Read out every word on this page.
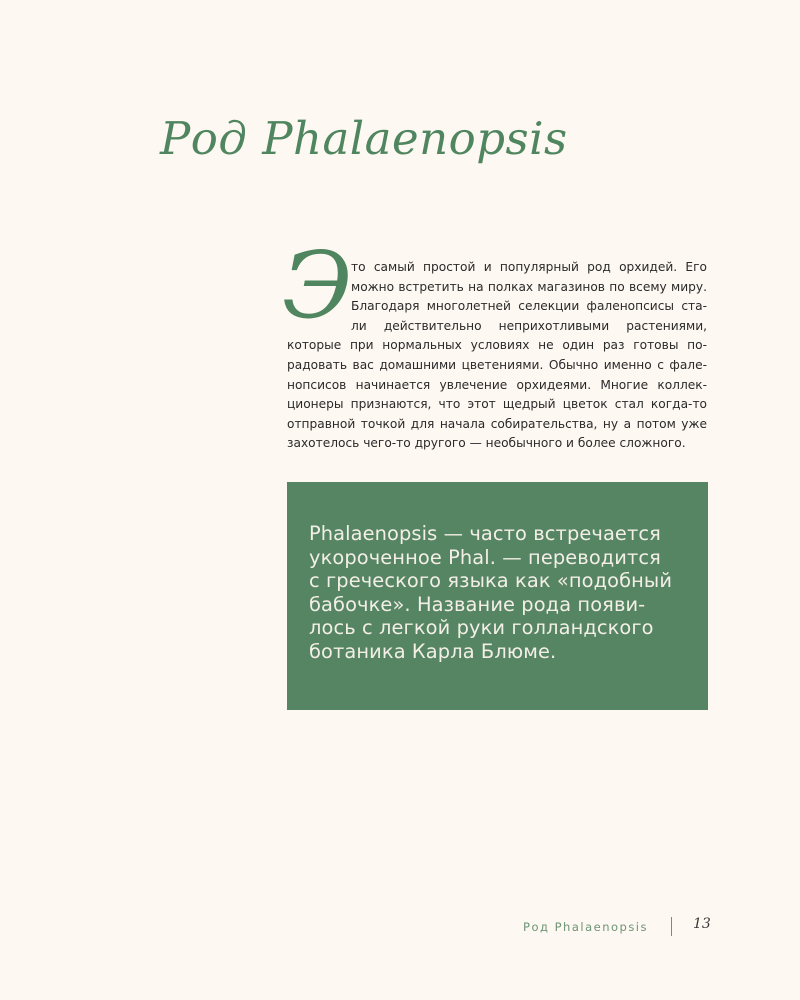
Род Phalaenopsis
Э
то самый простой и популярный род орхидей. Его
можно встретить на полках магазинов по всему миру.
Благодаря многолетней селекции фаленопсисы ста-
ли действительно неприхотливыми растениями,
которые при нормальных условиях не один раз готовы по-
радовать вас домашними цветениями. Обычно именно с фале-
нопсисов начинается увлечение орхидеями. Многие коллек-
ционеры признаются, что этот щедрый цветок стал когда-то
отправной точкой для начала собирательства, ну а потом уже
захотелось чего-то другого — необычного и более сложного.
Phalaenopsis — часто встречается
укороченное Phal. — переводится
с греческого языка как «подобный
бабочке». Название рода появи-
лось с легкой руки голландского
ботаника Карла Блюме.
Род Phalaenopsis	13
